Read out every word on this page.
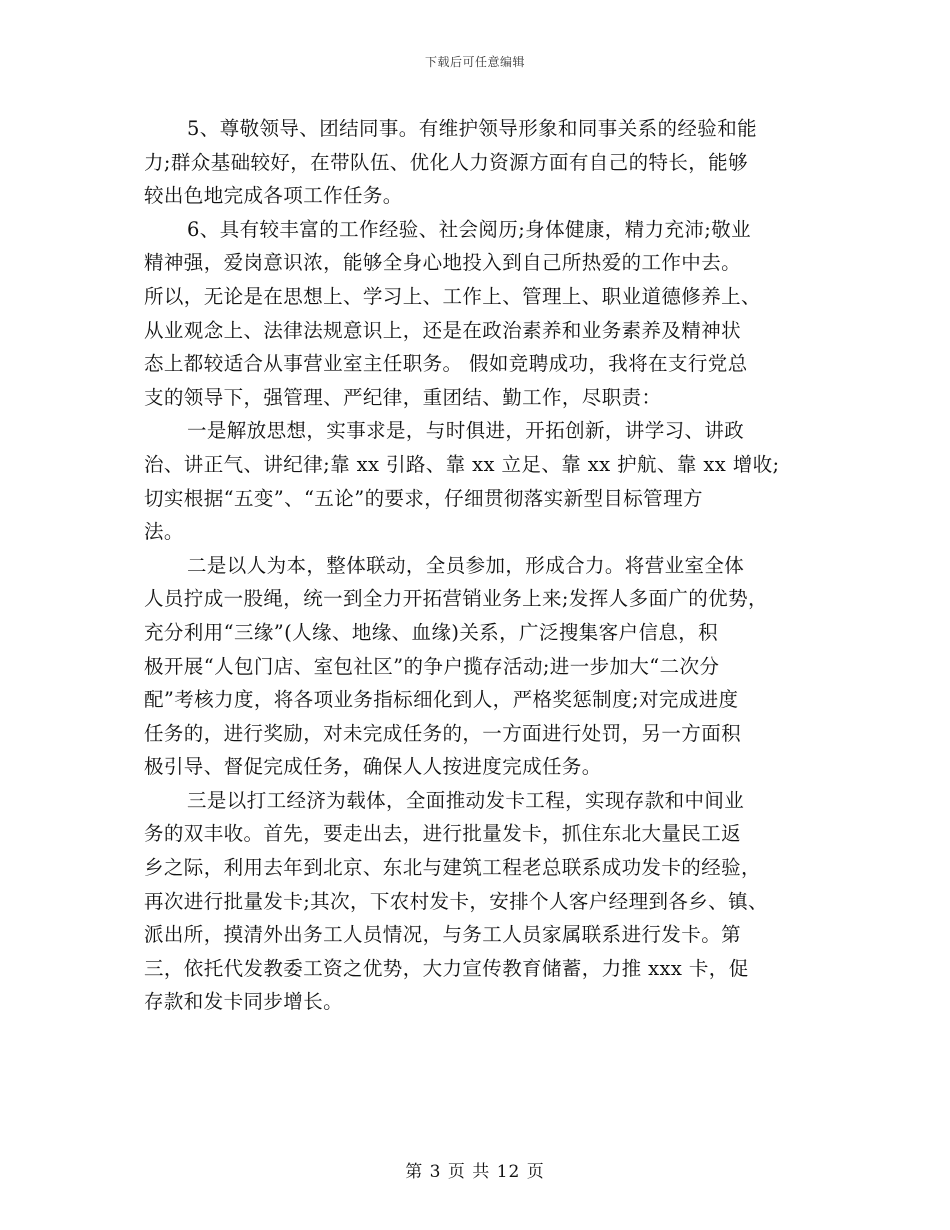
下载后可任意编辑
5、尊敬领导、团结同事。有维护领导形象和同事关系的经验和能
力;群众基础较好，在带队伍、优化人力资源方面有自己的特长，能够
较出色地完成各项工作任务。
6、具有较丰富的工作经验、社会阅历;身体健康，精力充沛;敬业
精神强，爱岗意识浓，能够全身心地投入到自己所热爱的工作中去。
所以，无论是在思想上、学习上、工作上、管理上、职业道德修养上、
从业观念上、法律法规意识上，还是在政治素养和业务素养及精神状
态上都较适合从事营业室主任职务。 假如竞聘成功，我将在支行党总
支的领导下，强管理、严纪律，重团结、勤工作，尽职责：
一是解放思想，实事求是，与时俱进，开拓创新，讲学习、讲政
治、讲正气、讲纪律;靠 xx 引路、靠 xx 立足、靠 xx 护航、靠 xx 增收;
切实根据“五变”、“五论”的要求，仔细贯彻落实新型目标管理方
法。
二是以人为本，整体联动，全员参加，形成合力。将营业室全体
人员拧成一股绳，统一到全力开拓营销业务上来;发挥人多面广的优势，
充分利用“三缘”(人缘、地缘、血缘)关系，广泛搜集客户信息，积
极开展“人包门店、室包社区”的争户揽存活动;进一步加大“二次分
配”考核力度，将各项业务指标细化到人，严格奖惩制度;对完成进度
任务的，进行奖励，对未完成任务的，一方面进行处罚，另一方面积
极引导、督促完成任务，确保人人按进度完成任务。
三是以打工经济为载体，全面推动发卡工程，实现存款和中间业
务的双丰收。首先，要走出去，进行批量发卡，抓住东北大量民工返
乡之际，利用去年到北京、东北与建筑工程老总联系成功发卡的经验，
再次进行批量发卡;其次，下农村发卡，安排个人客户经理到各乡、镇、
派出所，摸清外出务工人员情况，与务工人员家属联系进行发卡。第
三，依托代发教委工资之优势，大力宣传教育储蓄，力推 xxx 卡，促
存款和发卡同步增长。
第 3 页 共 12 页
